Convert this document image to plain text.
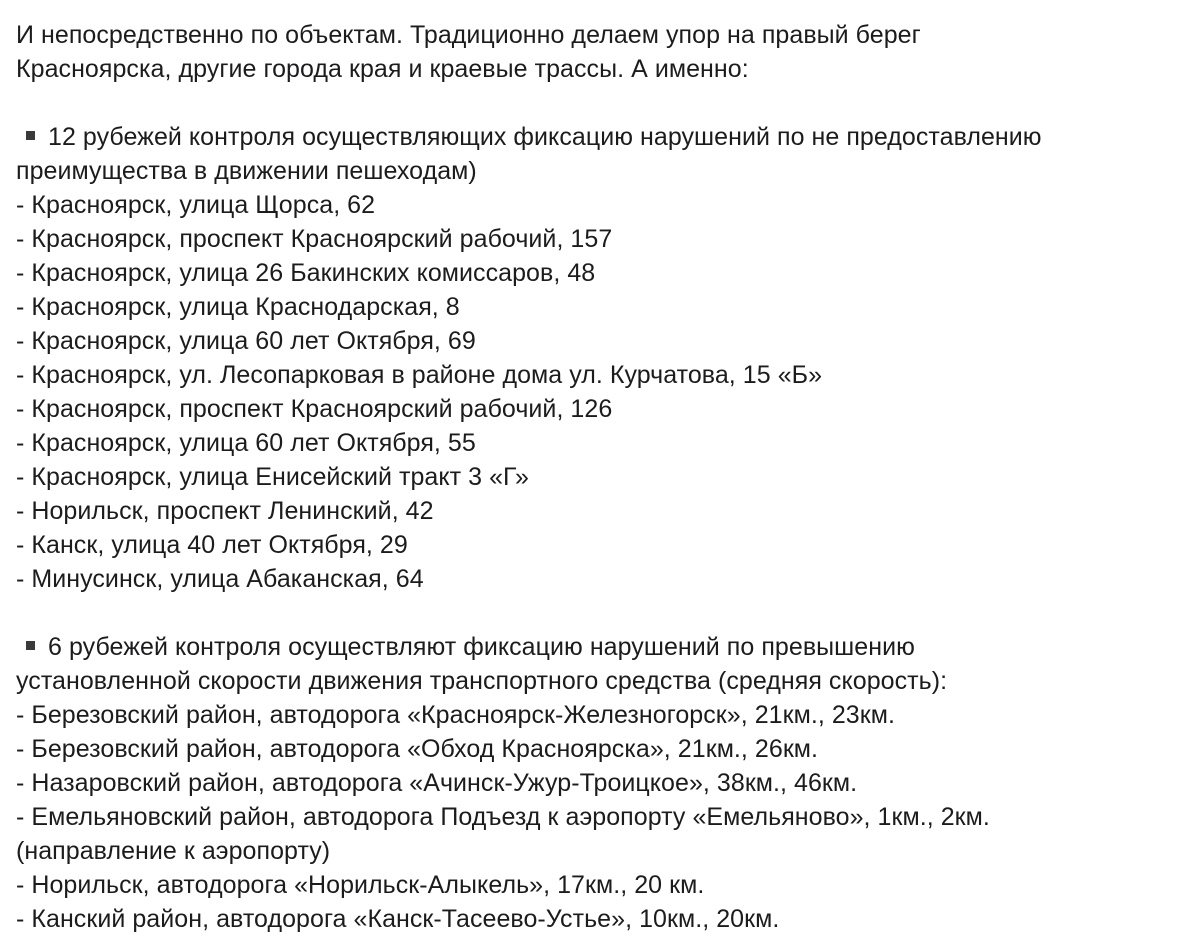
И непосредственно по объектам. Традиционно делаем упор на правый берег
Красноярска, другие города края и краевые трассы. А именно:
12 рубежей контроля осуществляющих фиксацию нарушений по не предоставлению
преимущества в движении пешеходам)
- Красноярск, улица Щорса, 62
- Красноярск, проспект Красноярский рабочий, 157
- Красноярск, улица 26 Бакинских комиссаров, 48
- Красноярск, улица Краснодарская, 8
- Красноярск, улица 60 лет Октября, 69
- Красноярск, ул. Лесопарковая в районе дома ул. Курчатова, 15 «Б»
- Красноярск, проспект Красноярский рабочий, 126
- Красноярск, улица 60 лет Октября, 55
- Красноярск, улица Енисейский тракт 3 «Г»
- Норильск, проспект Ленинский, 42
- Канск, улица 40 лет Октября, 29
- Минусинск, улица Абаканская, 64
6 рубежей контроля осуществляют фиксацию нарушений по превышению
установленной скорости движения транспортного средства (средняя скорость):
- Березовский район, автодорога «Красноярск-Железногорск», 21км., 23км.
- Березовский район, автодорога «Обход Красноярска», 21км., 26км.
- Назаровский район, автодорога «Ачинск-Ужур-Троицкое», 38км., 46км.
- Емельяновский район, автодорога Подъезд к аэропорту «Емельяново», 1км., 2км.
(направление к аэропорту)
- Норильск, автодорога «Норильск-Алыкель», 17км., 20 км.
- Канский район, автодорога «Канск-Тасеево-Устье», 10км., 20км.
